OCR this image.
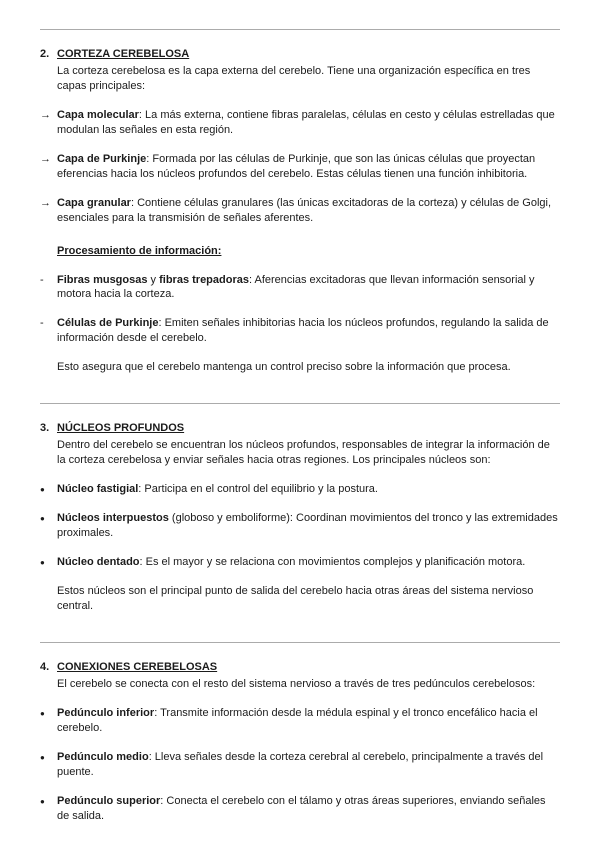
2. CORTEZA CEREBELOSA

La corteza cerebelosa es la capa externa del cerebelo. Tiene una organización específica en tres capas principales:

→ Capa molecular: La más externa, contiene fibras paralelas, células en cesto y células estrelladas que modulan las señales en esta región.

→ Capa de Purkinje: Formada por las células de Purkinje, que son las únicas células que proyectan eferencias hacia los núcleos profundos del cerebelo. Estas células tienen una función inhibitoria.

→ Capa granular: Contiene células granulares (las únicas excitadoras de la corteza) y células de Golgi, esenciales para la transmisión de señales aferentes.

Procesamiento de información:

-	Fibras musgosas y fibras trepadoras: Aferencias excitadoras que llevan información sensorial y motora hacia la corteza.

-	Células de Purkinje: Emiten señales inhibitorias hacia los núcleos profundos, regulando la salida de información desde el cerebelo.

Esto asegura que el cerebelo mantenga un control preciso sobre la información que procesa.

3. NÚCLEOS PROFUNDOS

Dentro del cerebelo se encuentran los núcleos profundos, responsables de integrar la información de la corteza cerebelosa y enviar señales hacia otras regiones. Los principales núcleos son:

●	Núcleo fastigial: Participa en el control del equilibrio y la postura.

●	Núcleos interpuestos (globoso y emboliforme): Coordinan movimientos del tronco y las extremidades proximales.

●	Núcleo dentado: Es el mayor y se relaciona con movimientos complejos y planificación motora.

Estos núcleos son el principal punto de salida del cerebelo hacia otras áreas del sistema nervioso central.

4. CONEXIONES CEREBELOSAS

El cerebelo se conecta con el resto del sistema nervioso a través de tres pedúnculos cerebelosos:

●	Pedúnculo inferior: Transmite información desde la médula espinal y el tronco encefálico hacia el cerebelo.

●	Pedúnculo medio: Lleva señales desde la corteza cerebral al cerebelo, principalmente a través del puente.

●	Pedúnculo superior: Conecta el cerebelo con el tálamo y otras áreas superiores, enviando señales de salida.
